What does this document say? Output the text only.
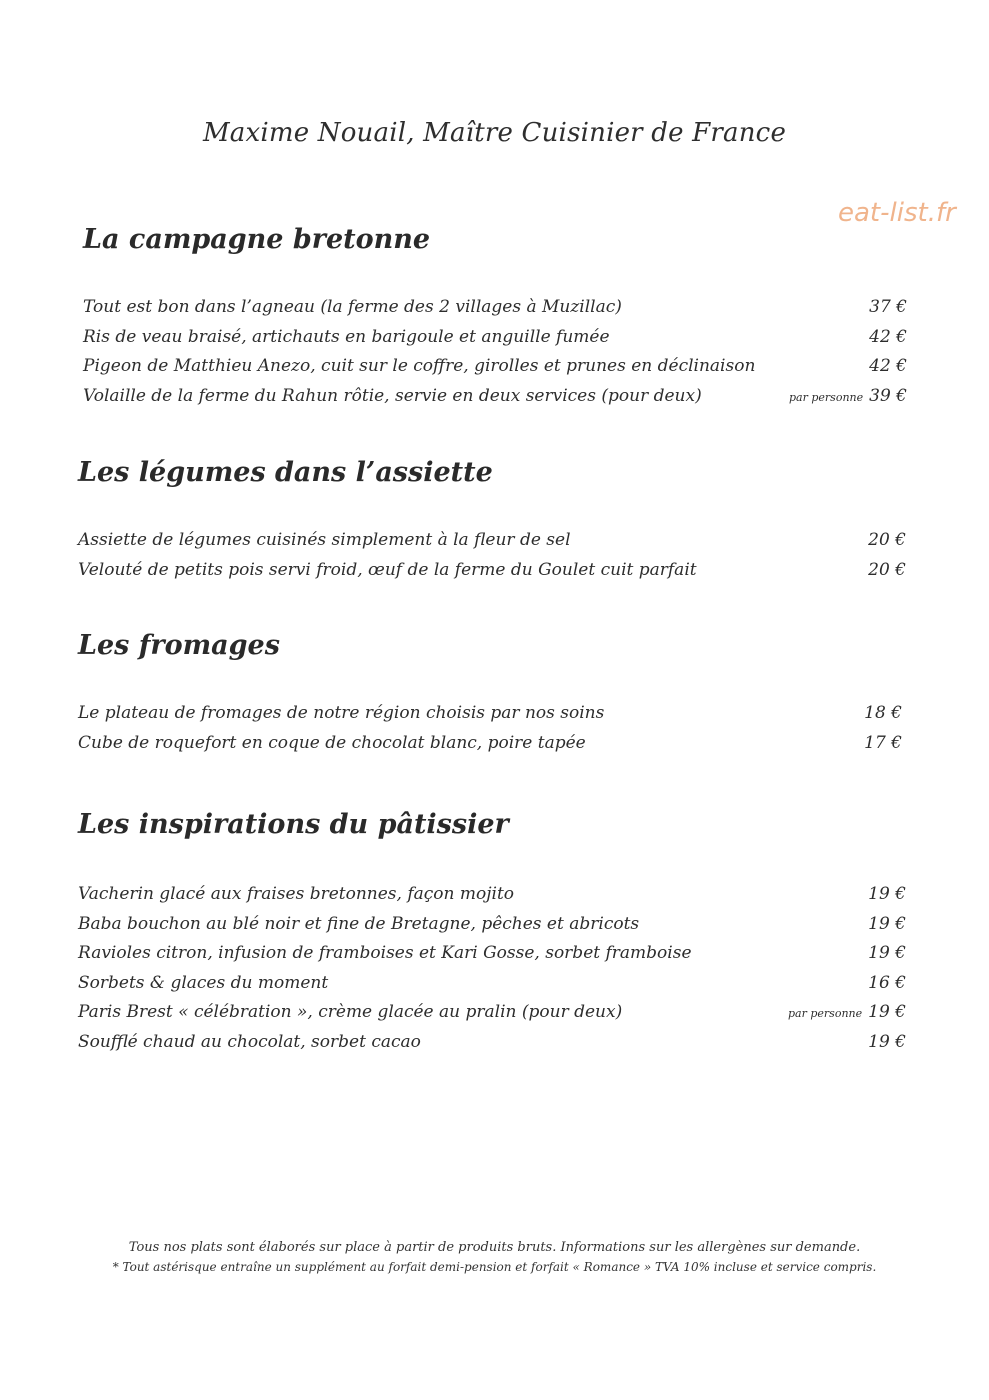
Maxime Nouail, Maître Cuisinier de France
eat-list.fr
La campagne bretonne
Tout est bon dans l’agneau (la ferme des 2 villages à Muzillac)	37 €
Ris de veau braisé, artichauts en barigoule et anguille fumée	42 €
Pigeon de Matthieu Anezo, cuit sur le coffre, girolles et prunes en déclinaison	42 €
Volaille de la ferme du Rahun rôtie, servie en deux services (pour deux)	par personne 39 €
Les légumes dans l’assiette
Assiette de légumes cuisinés simplement à la fleur de sel	20 €
Velouté de petits pois servi froid, œuf de la ferme du Goulet cuit parfait	20 €
Les fromages
Le plateau de fromages de notre région choisis par nos soins	18 €
Cube de roquefort en coque de chocolat blanc, poire tapée	17 €
Les inspirations du pâtissier
Vacherin glacé aux fraises bretonnes, façon mojito	19 €
Baba bouchon au blé noir et fine de Bretagne, pêches et abricots	19 €
Ravioles citron, infusion de framboises et Kari Gosse, sorbet framboise	19 €
Sorbets & glaces du moment	16 €
Paris Brest « célébration », crème glacée au pralin (pour deux)	par personne 19 €
Soufflé chaud au chocolat, sorbet cacao	19 €
Tous nos plats sont élaborés sur place à partir de produits bruts. Informations sur les allergènes sur demande.
* Tout astérisque entraîne un supplément au forfait demi-pension et forfait « Romance » TVA 10% incluse et service compris.
